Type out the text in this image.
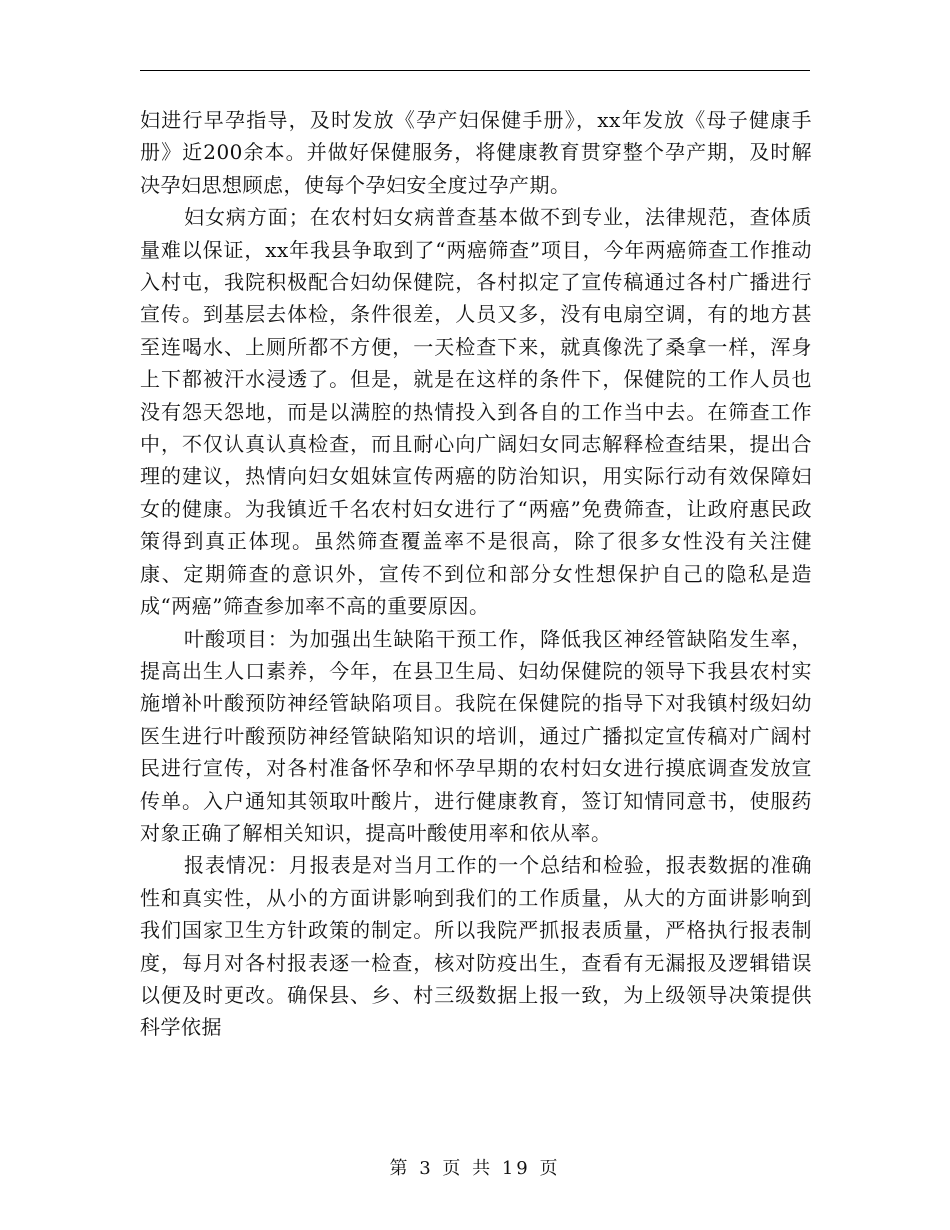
妇进行早孕指导，及时发放《孕产妇保健手册》，xx年发放《母子健康手册》近200余本。并做好保健服务，将健康教育贯穿整个孕产期，及时解决孕妇思想顾虑，使每个孕妇安全度过孕产期。

妇女病方面；在农村妇女病普查基本做不到专业，法律规范，查体质量难以保证，xx年我县争取到了“两癌筛查”项目，今年两癌筛查工作推动入村屯，我院积极配合妇幼保健院，各村拟定了宣传稿通过各村广播进行宣传。到基层去体检，条件很差，人员又多，没有电扇空调，有的地方甚至连喝水、上厕所都不方便，一天检查下来，就真像洗了桑拿一样，浑身上下都被汗水浸透了。但是，就是在这样的条件下，保健院的工作人员也没有怨天怨地，而是以满腔的热情投入到各自的工作当中去。在筛查工作中，不仅认真认真检查，而且耐心向广阔妇女同志解释检查结果，提出合理的建议，热情向妇女姐妹宣传两癌的防治知识，用实际行动有效保障妇女的健康。为我镇近千名农村妇女进行了“两癌”免费筛查，让政府惠民政策得到真正体现。虽然筛查覆盖率不是很高，除了很多女性没有关注健康、定期筛查的意识外，宣传不到位和部分女性想保护自己的隐私是造成“两癌”筛查参加率不高的重要原因。

叶酸项目：为加强出生缺陷干预工作，降低我区神经管缺陷发生率，提高出生人口素养，今年，在县卫生局、妇幼保健院的领导下我县农村实施增补叶酸预防神经管缺陷项目。我院在保健院的指导下对我镇村级妇幼医生进行叶酸预防神经管缺陷知识的培训，通过广播拟定宣传稿对广阔村民进行宣传，对各村准备怀孕和怀孕早期的农村妇女进行摸底调查发放宣传单。入户通知其领取叶酸片，进行健康教育，签订知情同意书，使服药对象正确了解相关知识，提高叶酸使用率和依从率。

报表情况：月报表是对当月工作的一个总结和检验，报表数据的准确性和真实性，从小的方面讲影响到我们的工作质量，从大的方面讲影响到我们国家卫生方针政策的制定。所以我院严抓报表质量，严格执行报表制度，每月对各村报表逐一检查，核对防疫出生，查看有无漏报及逻辑错误以便及时更改。确保县、乡、村三级数据上报一致，为上级领导决策提供科学依据

第 3 页 共 19 页
